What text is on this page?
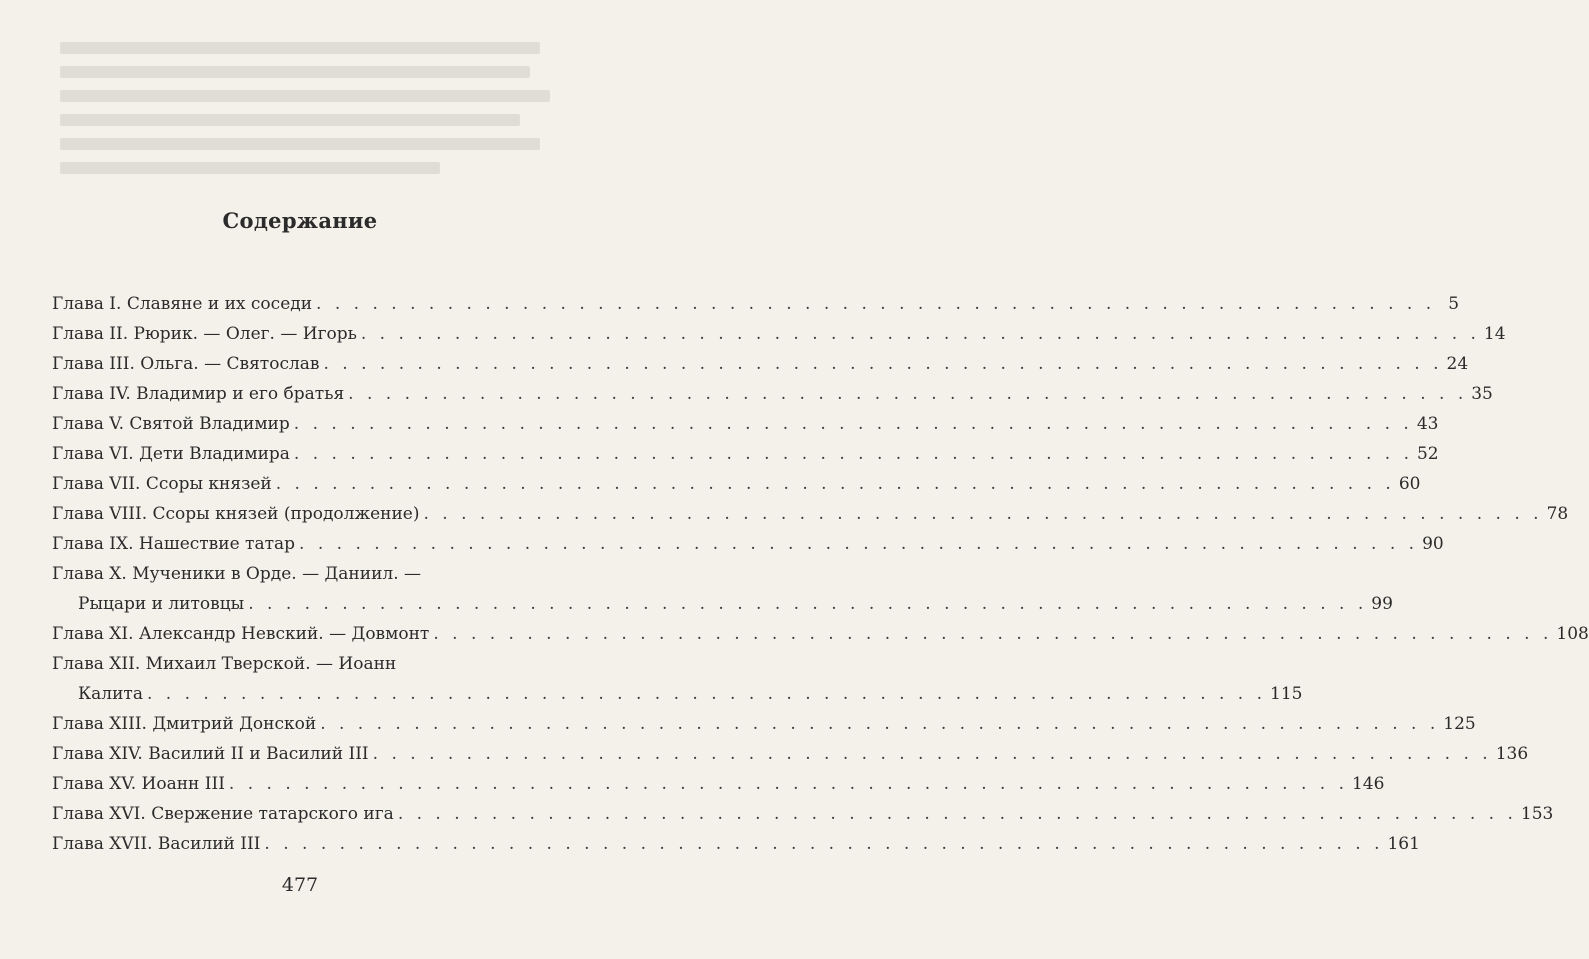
Содержание
Глава I. Славяне и их соседи . . . . . . . . . . . . . . . . . . . . . . . . . . . . . . . . . . . . . . . . . . . . . . . . . . . . . . . . . . . . 5
Глава II. Рюрик. — Олег. — Игорь . . . . . . . . . . . . . . . . . . . . . . . . . . . . . . . . . . . . . . . . . . . . . . . . . . . . . . . . . . . . 14
Глава III. Ольга. — Святослав . . . . . . . . . . . . . . . . . . . . . . . . . . . . . . . . . . . . . . . . . . . . . . . . . . . . . . . . . . . . 24
Глава IV. Владимир и его братья . . . . . . . . . . . . . . . . . . . . . . . . . . . . . . . . . . . . . . . . . . . . . . . . . . . . . . . . . . . . 35
Глава V. Святой Владимир . . . . . . . . . . . . . . . . . . . . . . . . . . . . . . . . . . . . . . . . . . . . . . . . . . . . . . . . . . . . 43
Глава VI. Дети Владимира . . . . . . . . . . . . . . . . . . . . . . . . . . . . . . . . . . . . . . . . . . . . . . . . . . . . . . . . . . . . 52
Глава VII. Ссоры князей . . . . . . . . . . . . . . . . . . . . . . . . . . . . . . . . . . . . . . . . . . . . . . . . . . . . . . . . . . . . 60
Глава VIII. Ссоры князей (продолжение) . . . . . . . . . . . . . . . . . . . . . . . . . . . . . . . . . . . . . . . . . . . . . . . . . . . . . . . . . . . . 78
Глава IX. Нашествие татар . . . . . . . . . . . . . . . . . . . . . . . . . . . . . . . . . . . . . . . . . . . . . . . . . . . . . . . . . . . . 90
Глава X. Мученики в Орде. — Даниил. —
Рыцари и литовцы . . . . . . . . . . . . . . . . . . . . . . . . . . . . . . . . . . . . . . . . . . . . . . . . . . . . . . . . . . . . 99
Глава XI. Александр Невский. — Довмонт . . . . . . . . . . . . . . . . . . . . . . . . . . . . . . . . . . . . . . . . . . . . . . . . . . . . . . . . . . . . 108
Глава XII. Михаил Тверской. — Иоанн
Калита . . . . . . . . . . . . . . . . . . . . . . . . . . . . . . . . . . . . . . . . . . . . . . . . . . . . . . . . . . . . 115
Глава XIII. Дмитрий Донской . . . . . . . . . . . . . . . . . . . . . . . . . . . . . . . . . . . . . . . . . . . . . . . . . . . . . . . . . . . . 125
Глава XIV. Василий II и Василий III . . . . . . . . . . . . . . . . . . . . . . . . . . . . . . . . . . . . . . . . . . . . . . . . . . . . . . . . . . . . 136
Глава XV. Иоанн III . . . . . . . . . . . . . . . . . . . . . . . . . . . . . . . . . . . . . . . . . . . . . . . . . . . . . . . . . . . . 146
Глава XVI. Свержение татарского ига . . . . . . . . . . . . . . . . . . . . . . . . . . . . . . . . . . . . . . . . . . . . . . . . . . . . . . . . . . . . 153
Глава XVII. Василий III . . . . . . . . . . . . . . . . . . . . . . . . . . . . . . . . . . . . . . . . . . . . . . . . . . . . . . . . . . . . 161
477
